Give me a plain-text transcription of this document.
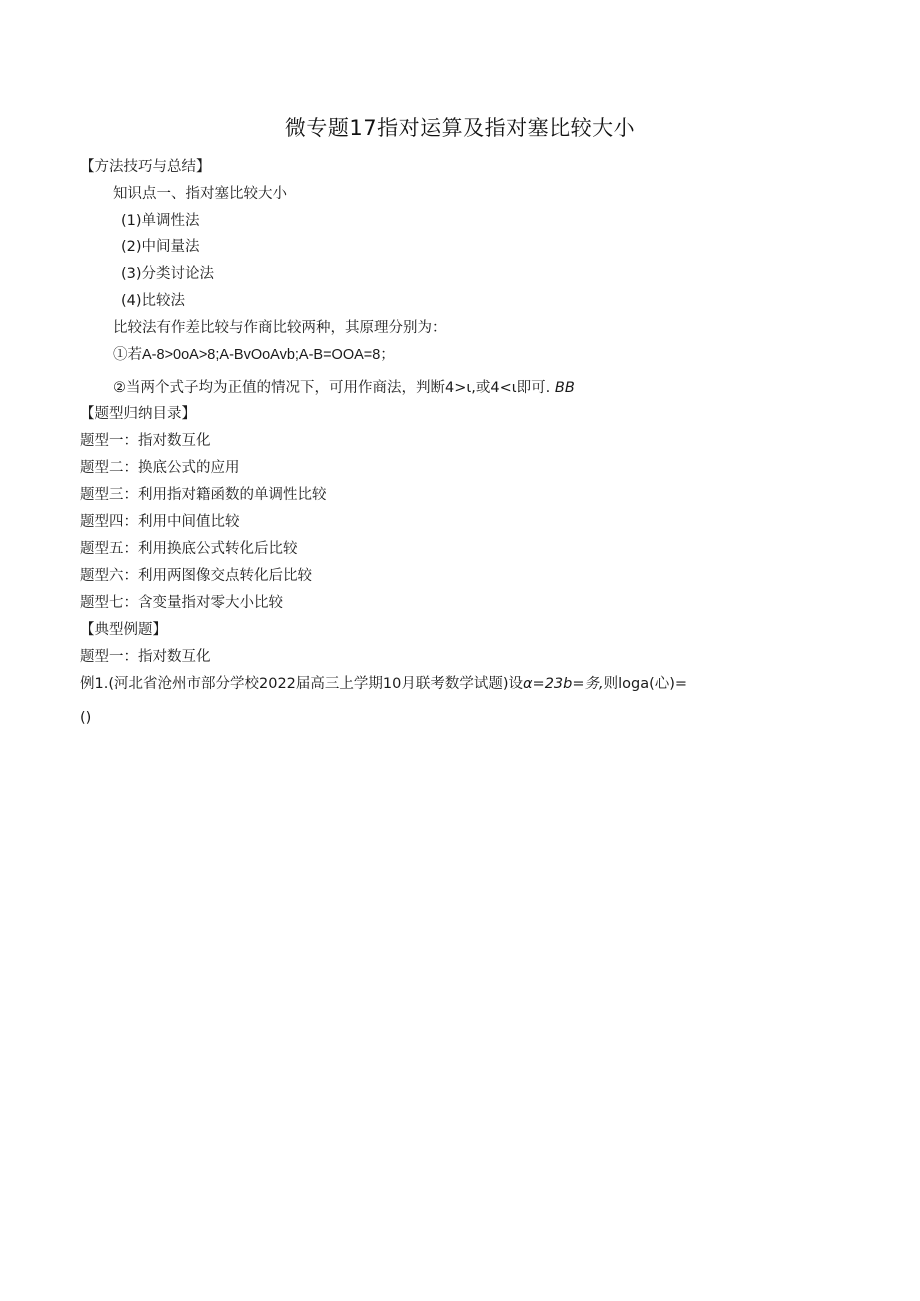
微专题17指对运算及指对塞比较大小
【方法技巧与总结】
知识点一、指对塞比较大小
(1)单调性法
(2)中间量法
(3)分类讨论法
(4)比较法
比较法有作差比较与作商比较两种，其原理分别为：
①若A-8>0oA>8;A-BvOoAvb;A-B=OOA=8；
②当两个式子均为正值的情况下，可用作商法，判断4>ι,或4<ι即可. BB
【题型归纳目录】
题型一：指对数互化
题型二：换底公式的应用
题型三：利用指对籍函数的单调性比较
题型四：利用中间值比较
题型五：利用换底公式转化后比较
题型六：利用两图像交点转化后比较
题型七：含变量指对零大小比较
【典型例题】
题型一：指对数互化
例1.(河北省沧州市部分学校2022届高三上学期10月联考数学试题)设α=23b=务,则loga(心)=
()
